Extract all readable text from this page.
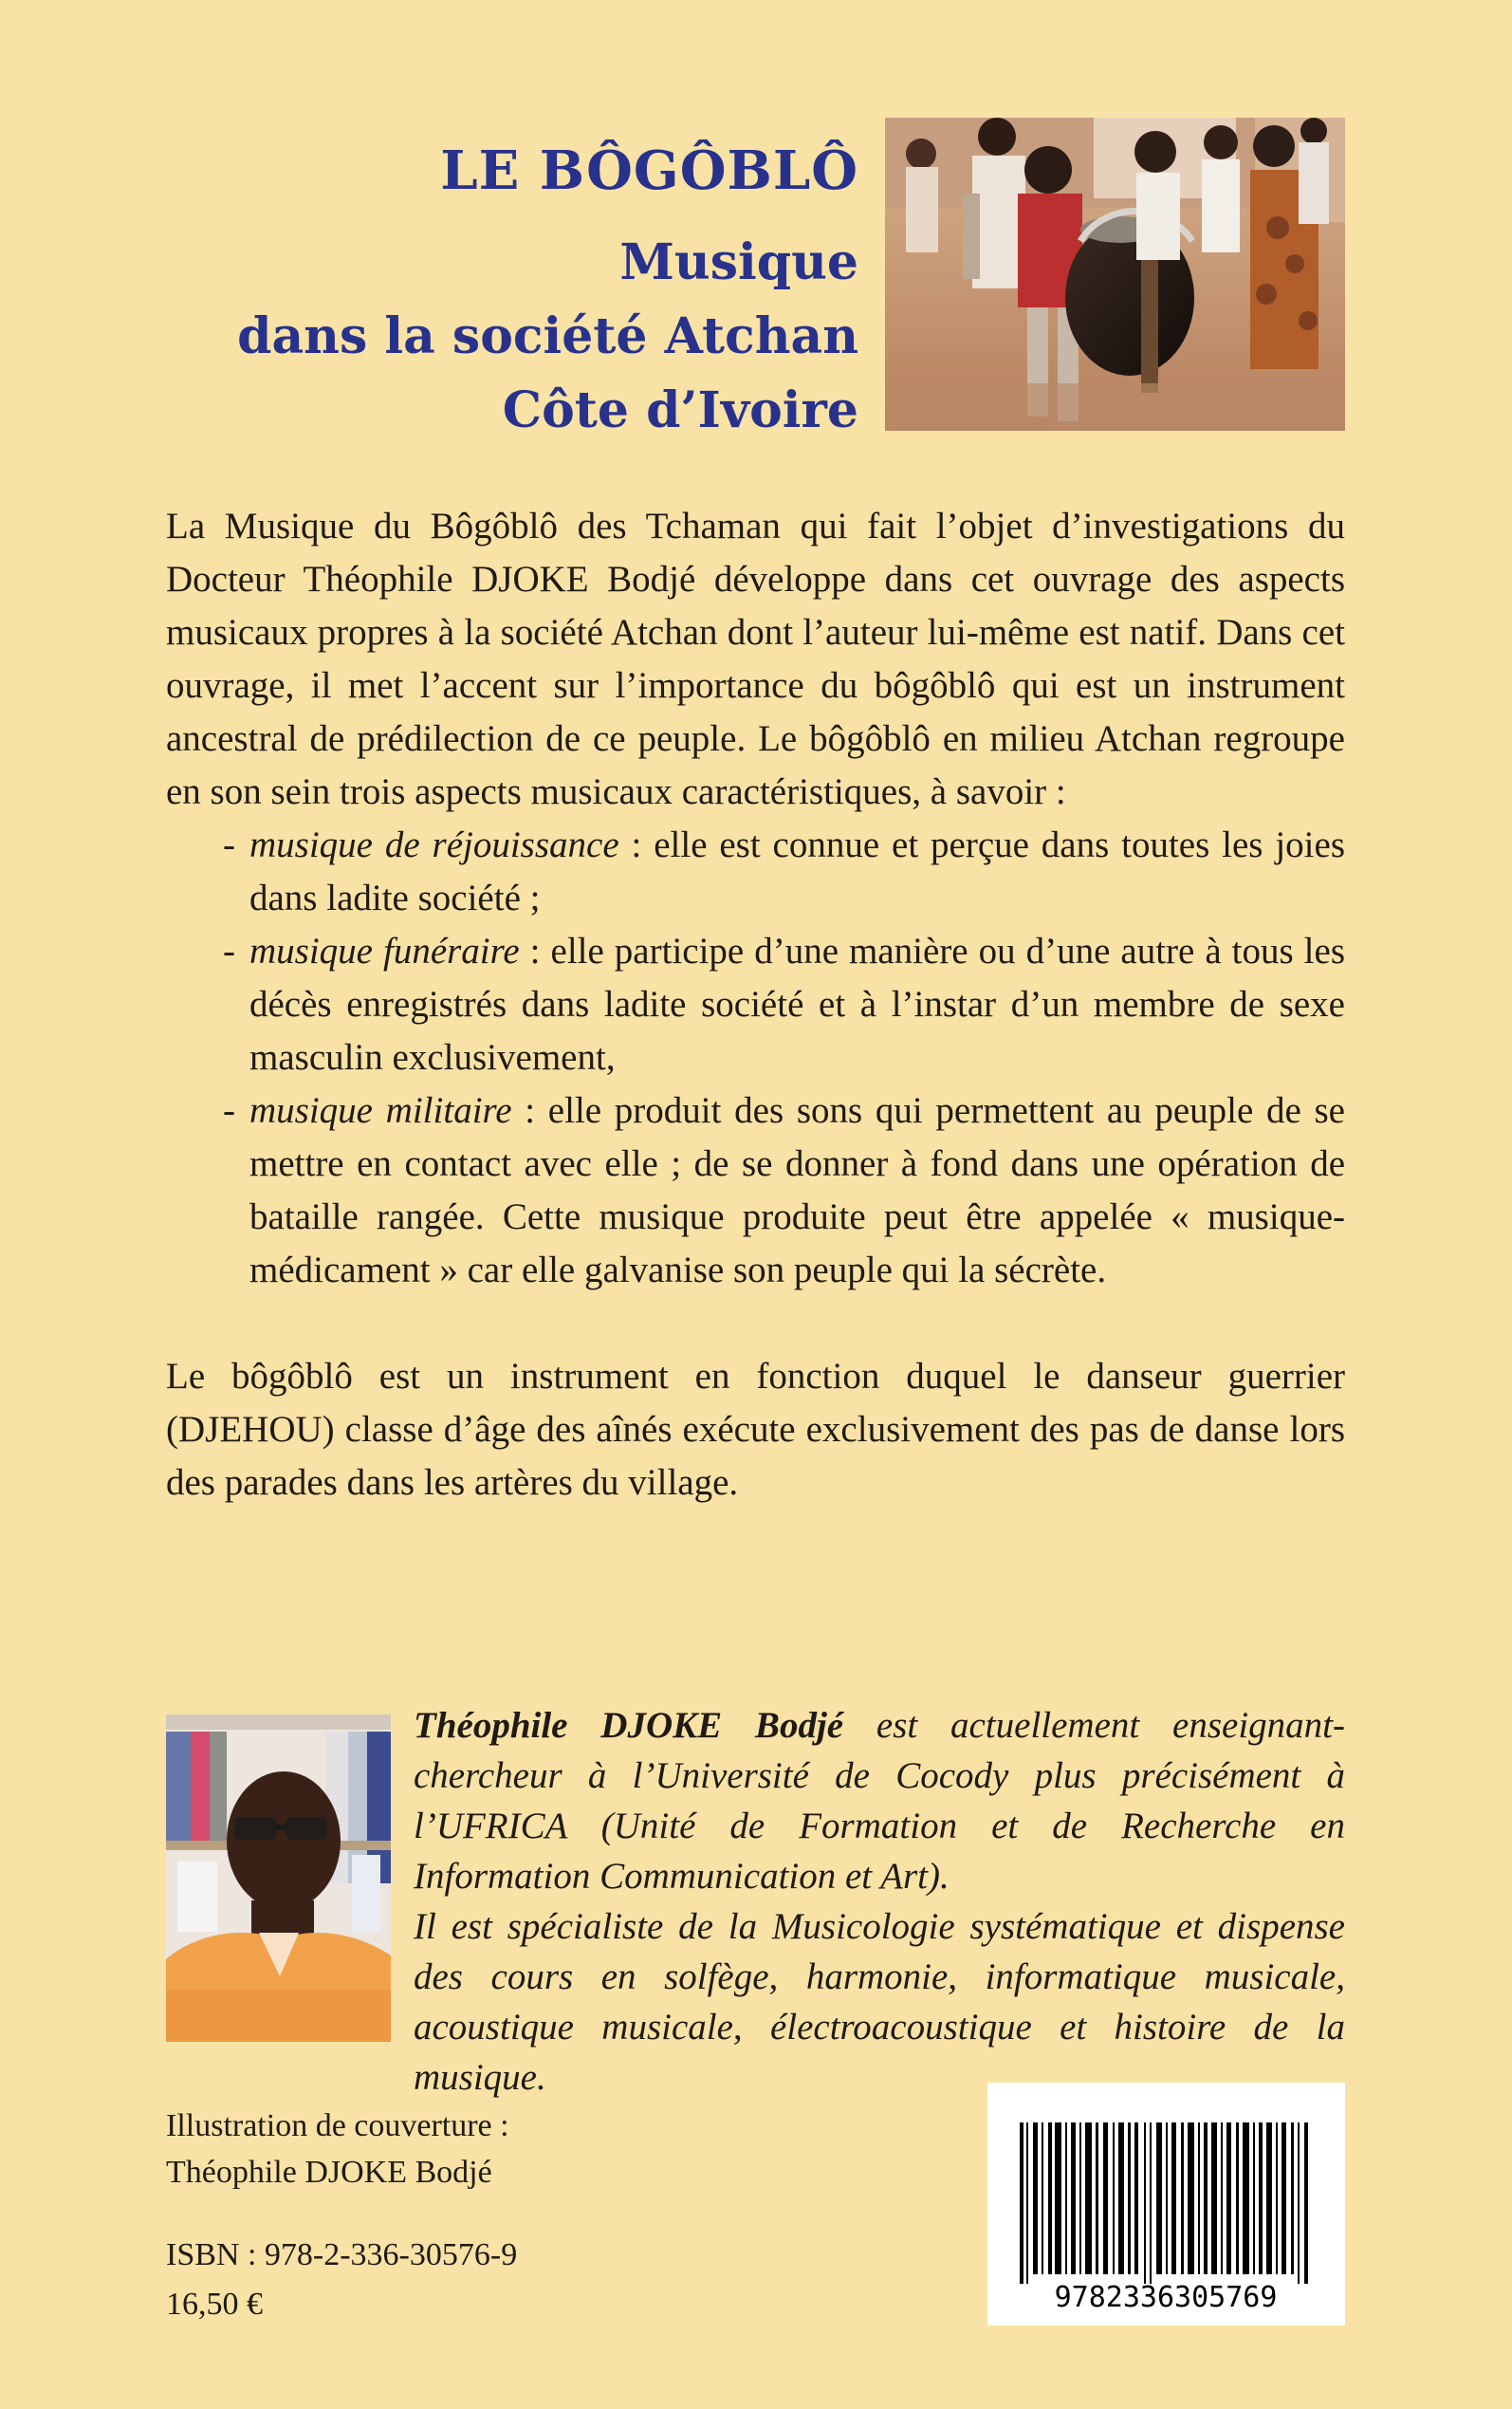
LE BÔGÔBLÔ
Musique
dans la société Atchan
Côte d’Ivoire

La Musique du Bôgôblô des Tchaman qui fait l’objet d’investigations du Docteur Théophile DJOKE Bodjé développe dans cet ouvrage des aspects musicaux propres à la société Atchan dont l’auteur lui-même est natif. Dans cet ouvrage, il met l’accent sur l’importance du bôgôblô qui est un instrument ancestral de prédilection de ce peuple. Le bôgôblô en milieu Atchan regroupe en son sein trois aspects musicaux caractéristiques, à savoir :

- musique de réjouissance : elle est connue et perçue dans toutes les joies dans ladite société ;
- musique funéraire : elle participe d’une manière ou d’une autre à tous les décès enregistrés dans ladite société et à l’instar d’un membre de sexe masculin exclusivement,
- musique militaire : elle produit des sons qui permettent au peuple de se mettre en contact avec elle ; de se donner à fond dans une opération de bataille rangée. Cette musique produite peut être appelée « musique-médicament » car elle galvanise son peuple qui la sécrète.

Le bôgôblô est un instrument en fonction duquel le danseur guerrier (DJEHOU) classe d’âge des aînés exécute exclusivement des pas de danse lors des parades dans les artères du village.

Théophile DJOKE Bodjé est actuellement enseignant-chercheur à l’Université de Cocody plus précisément à l’UFRICA (Unité de Formation et de Recherche en Information Communication et Art).

Il est spécialiste de la Musicologie systématique et dispense des cours en solfège, harmonie, informatique musicale, acoustique musicale, électroacoustique et histoire de la musique.

Illustration de couverture :

Théophile DJOKE Bodjé

ISBN : 978-2-336-30576-9
16,50 €	9782336305769
